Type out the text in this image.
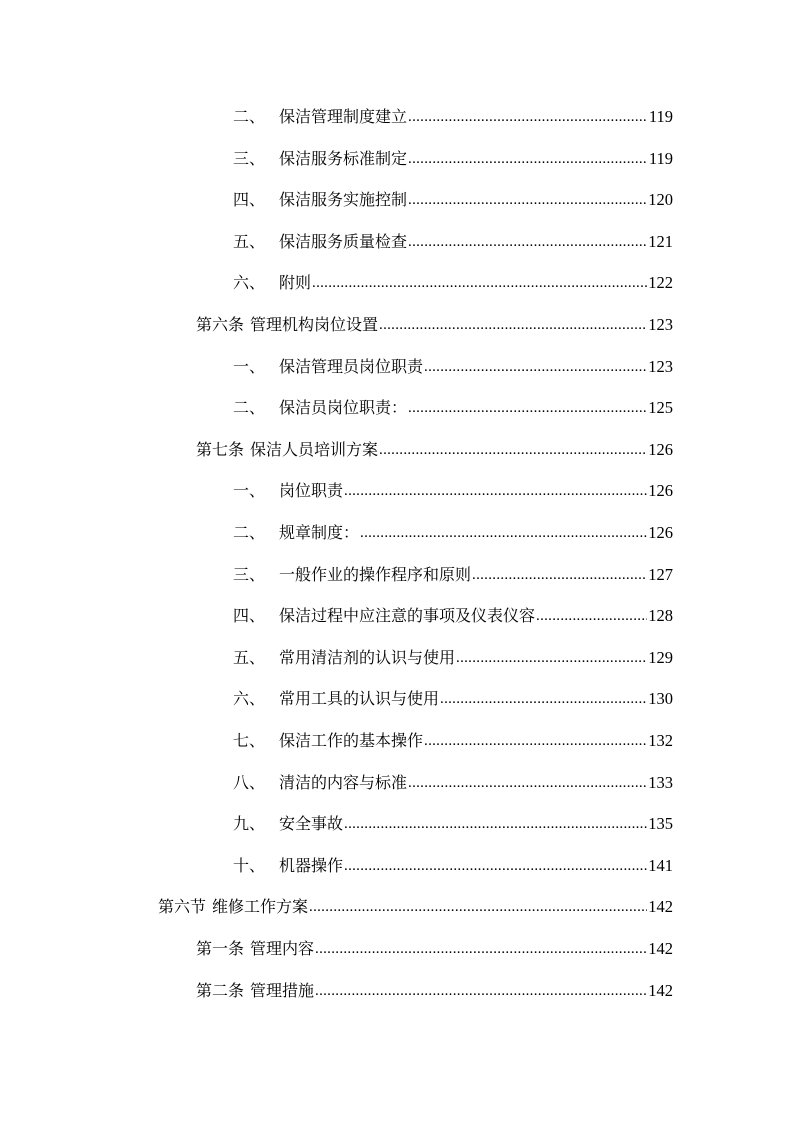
二、 保洁管理制度建立 .....	119
三、 保洁服务标准制定 .....	119
四、 保洁服务实施控制 .....	120
五、 保洁服务质量检查 .....	121
六、 附则 .....	122
第六条 管理机构岗位设置 .....	123
一、 保洁管理员岗位职责 .....	123
二、 保洁员岗位职责： .....	125
第七条 保洁人员培训方案 .....	126
一、 岗位职责 .....	126
二、 规章制度： .....	126
三、 一般作业的操作程序和原则 .....	127
四、 保洁过程中应注意的事项及仪表仪容 .....	128
五、 常用清洁剂的认识与使用 .....	129
六、 常用工具的认识与使用 .....	130
七、 保洁工作的基本操作 .....	132
八、 清洁的内容与标准 .....	133
九、 安全事故 .....	135
十、 机器操作 .....	141
第六节 维修工作方案 .....	142
第一条 管理内容 .....	142
第二条 管理措施 .....	142
